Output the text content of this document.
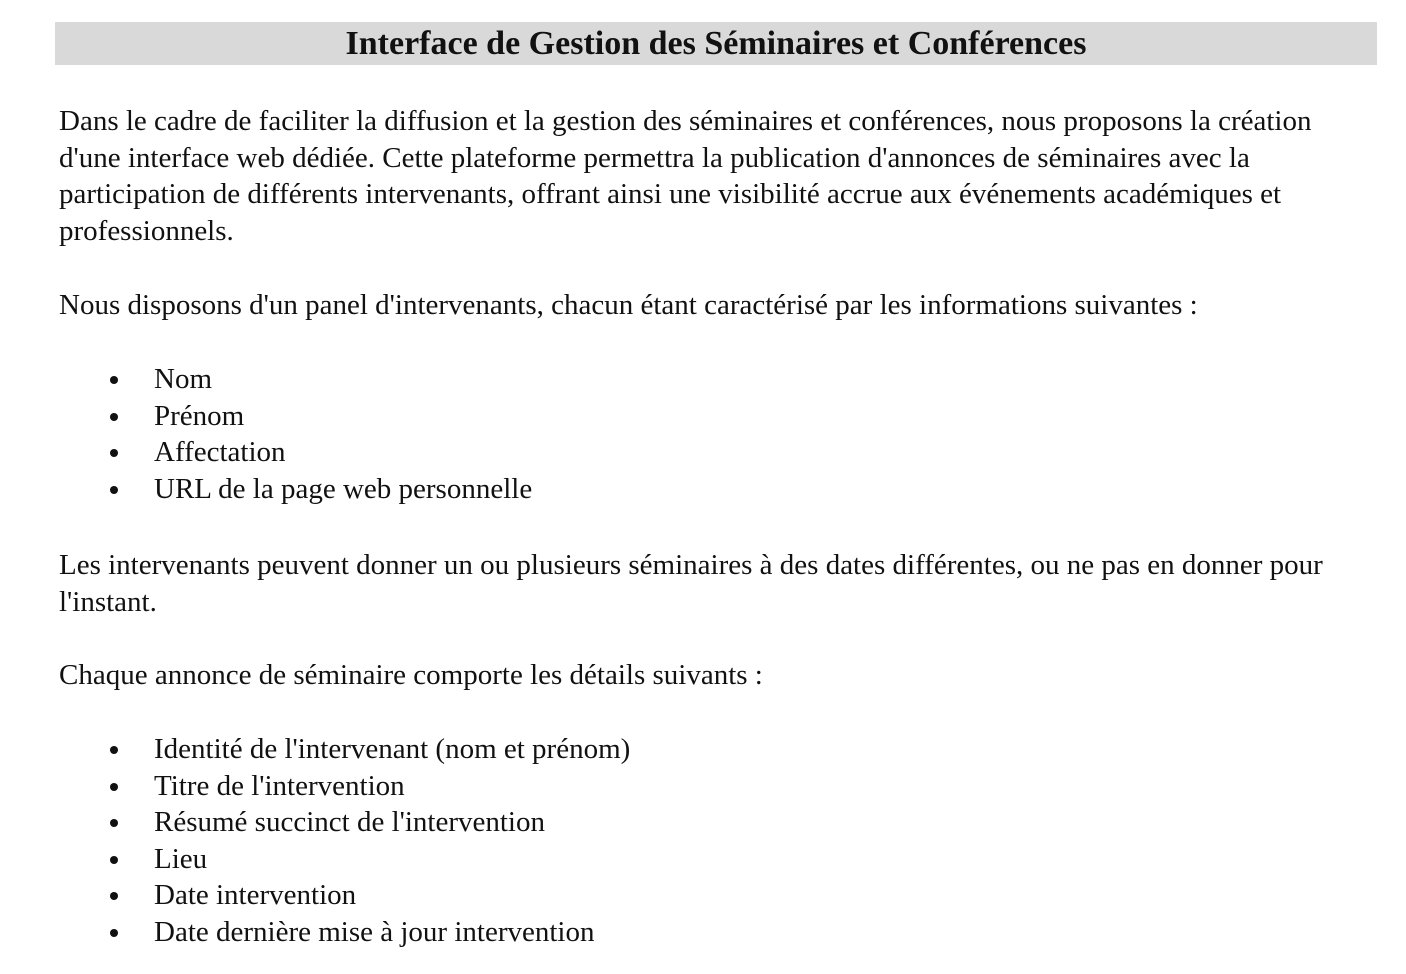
Interface de Gestion des Séminaires et Conférences

Dans le cadre de faciliter la diffusion et la gestion des séminaires et conférences, nous proposons la création d'une interface web dédiée. Cette plateforme permettra la publication d'annonces de séminaires avec la participation de différents intervenants, offrant ainsi une visibilité accrue aux événements académiques et professionnels.

Nous disposons d'un panel d'intervenants, chacun étant caractérisé par les informations suivantes :

Nom
Prénom
Affectation
URL de la page web personnelle

Les intervenants peuvent donner un ou plusieurs séminaires à des dates différentes, ou ne pas en donner pour l'instant.

Chaque annonce de séminaire comporte les détails suivants :

Identité de l'intervenant (nom et prénom)
Titre de l'intervention
Résumé succinct de l'intervention
Lieu
Date intervention
Date dernière mise à jour intervention
